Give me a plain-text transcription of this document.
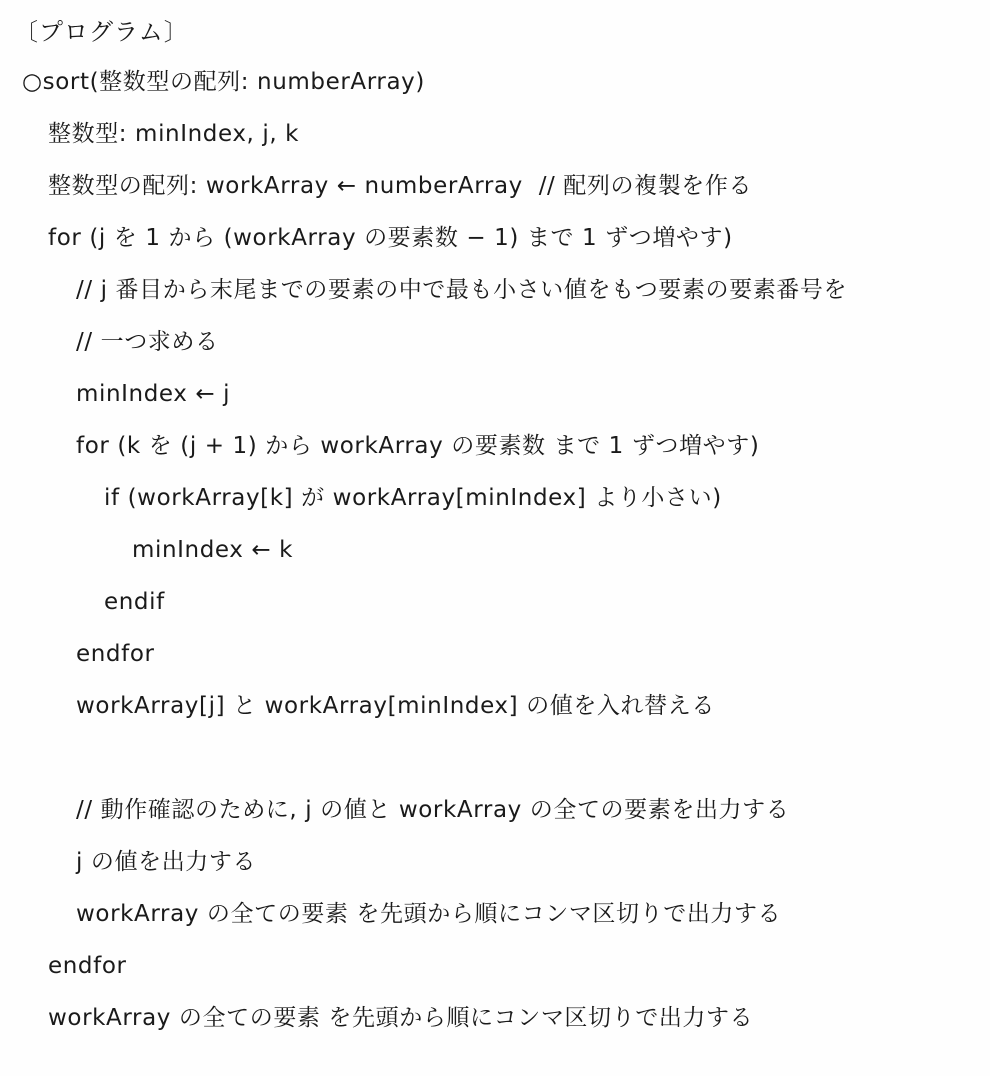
〔プログラム〕
○sort(整数型の配列: numberArray)
整数型: minIndex, j, k
整数型の配列: workArray ← numberArray  // 配列の複製を作る
for (j を 1 から (workArray の要素数 − 1) まで 1 ずつ増やす)
// j 番目から末尾までの要素の中で最も小さい値をもつ要素の要素番号を
// 一つ求める
minIndex ← j
for (k を (j + 1) から workArray の要素数 まで 1 ずつ増やす)
if (workArray[k] が workArray[minIndex] より小さい)
minIndex ← k
endif
endfor
workArray[j] と workArray[minIndex] の値を入れ替える
// 動作確認のために, j の値と workArray の全ての要素を出力する
j の値を出力する
workArray の全ての要素 を先頭から順にコンマ区切りで出力する
endfor
workArray の全ての要素 を先頭から順にコンマ区切りで出力する
